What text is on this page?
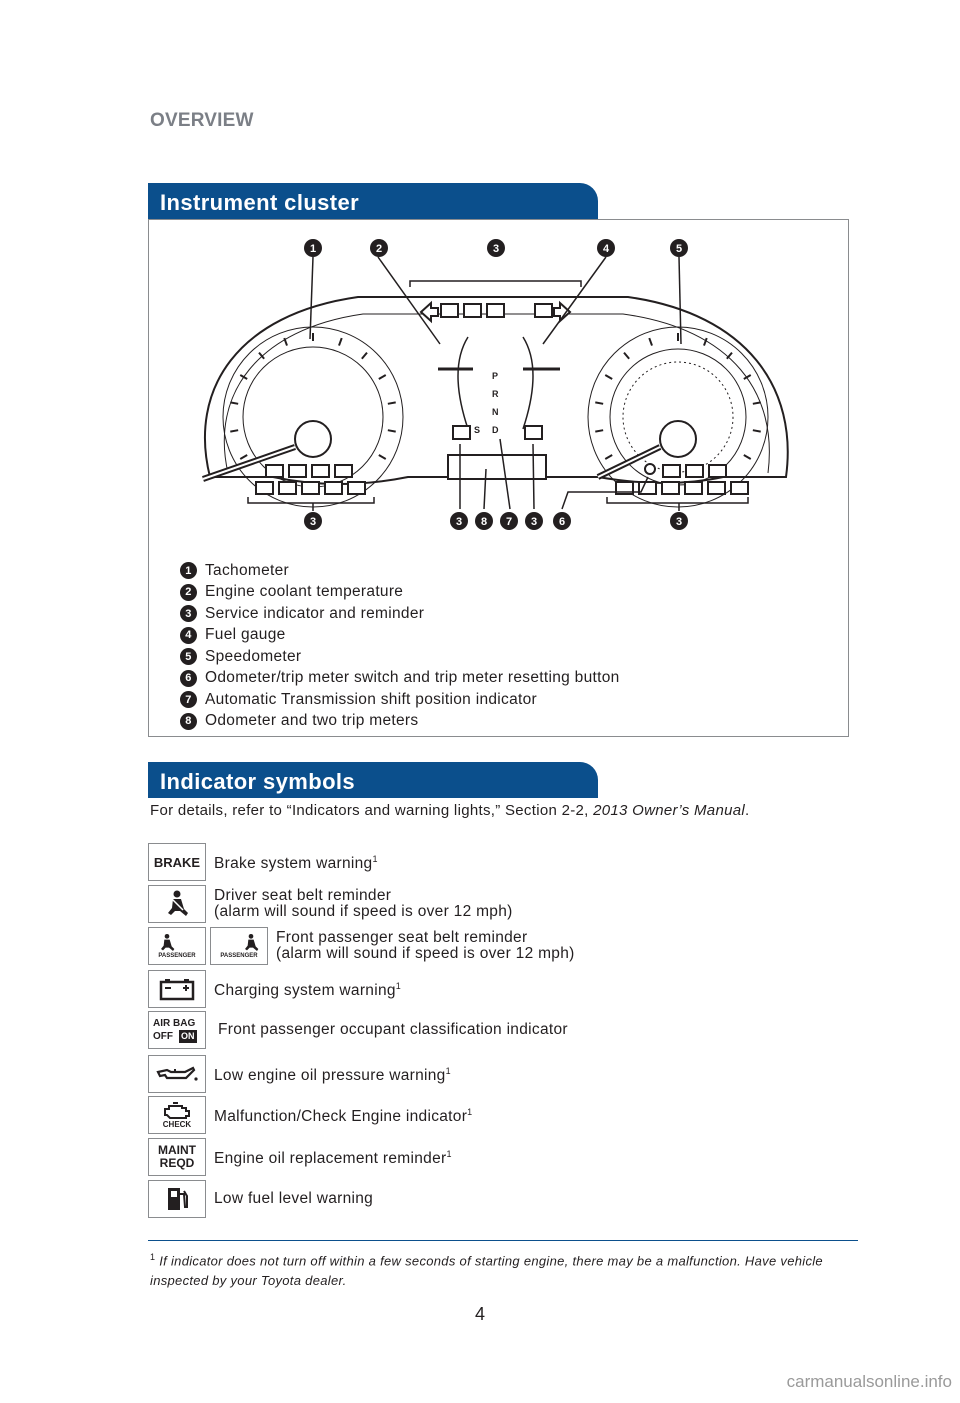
OVERVIEW
Instrument cluster
P
R
N
D
S
1	2	3	4	5
3	3 8 7 3 6	3
1 Tachometer
2 Engine coolant temperature
3 Service indicator and reminder
4 Fuel gauge
5 Speedometer
6 Odometer/trip meter switch and trip meter resetting button
7 Automatic Transmission shift position indicator
8 Odometer and two trip meters
Indicator symbols
For details, refer to “Indicators and warning lights,” Section 2-2, 2013 Owner’s Manual.
BRAKE Brake system warning$^1$
Driver seat belt reminder
(alarm will sound if speed is over 12 mph)
PASSENGER	PASSENGER
Front passenger seat belt reminder
(alarm will sound if speed is over 12 mph)
Charging system warning$^1$
AIR BAG
OFF ON Front passenger occupant classification indicator
Low engine oil pressure warning$^1$
CHECK Malfunction/Check Engine indicator$^1$
MAINT
REQD Engine oil replacement reminder$^1$
Low fuel level warning
$^1$ If indicator does not turn off within a few seconds of starting engine, there may be a malfunction. Have vehicle inspected by your Toyota dealer.
4
carmanualsonline.info
